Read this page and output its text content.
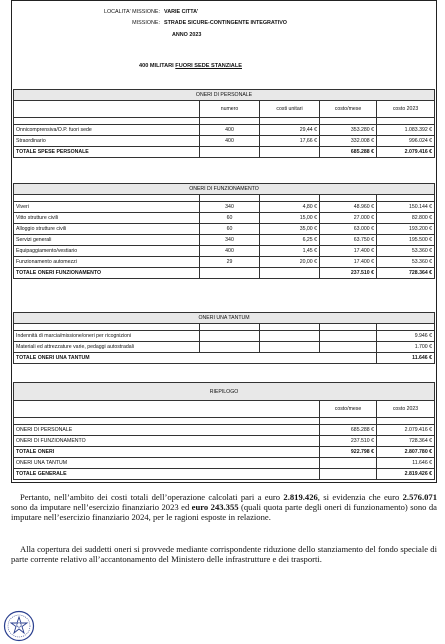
LOCALITA' MISSIONE: VARIE CITTA'
MISSIONE: STRADE SICURE-CONTINGENTE INTEGRATIVO
ANNO 2023
400 MILITARI FUORI SEDE STANZIALE
ONERI DI PERSONALE				
	numero	costi unitari	costo/mese	costo 2023

Onnicomprensiva/O.P. fuori sede	400	29,44 €	353.280 €	1.083.392 €
Straordinario	400	17,66 €	332.008 €	996.024 €
TOTALE SPESE PERSONALE			685.288 €	2.079.416 €
ONERI DI FUNZIONAMENTO				

Viveri	340	4,80 €	48.960 €	150.144 €
Vitto strutture civili	60	15,00 €	27.000 €	82.800 €
Alloggio strutture civili	60	35,00 €	63.000 €	193.200 €
Servizi generali	340	6,25 €	63.750 €	195.500 €
Equipaggiamento/vestiario	400	1,45 €	17.400 €	53.360 €
Funzionamento automezzi	29	20,00 €	17.400 €	53.360 €
TOTALE ONERI FUNZIONAMENTO			237.510 €	728.364 €
ONERI UNA TANTUM				

Indennità di marcia/missione/oneri per ricognizioni				9.946 €
Materiali ed attrezzature varie, pedaggi autostradali				1.700 €
TOTALE ONERI UNA TANTUM				11.646 €
RIEPILOGO		
	costo/mese	costo 2023

ONERI DI PERSONALE	685.288 €	2.079.416 €
ONERI DI FUNZIONAMENTO	237.510 €	728.364 €
TOTALE ONERI	922.798 €	2.807.780 €
ONERI UNA TANTUM		11.646 €
TOTALE GENERALE		2.819.426 €
Pertanto, nell’ambito dei costi totali dell’operazione calcolati pari a euro 2.819.426, si evidenzia che euro 2.576.071 sono da imputare nell’esercizio finanziario 2023 ed euro 243.355 (quali quota parte degli oneri di funzionamento) sono da imputare nell’esercizio finanziario 2024, per le ragioni esposte in relazione.
Alla copertura dei suddetti oneri si provvede mediante corrispondente riduzione dello stanziamento del fondo speciale di parte corrente relativo all’accantonamento del Ministero delle infrastrutture e dei trasporti.
